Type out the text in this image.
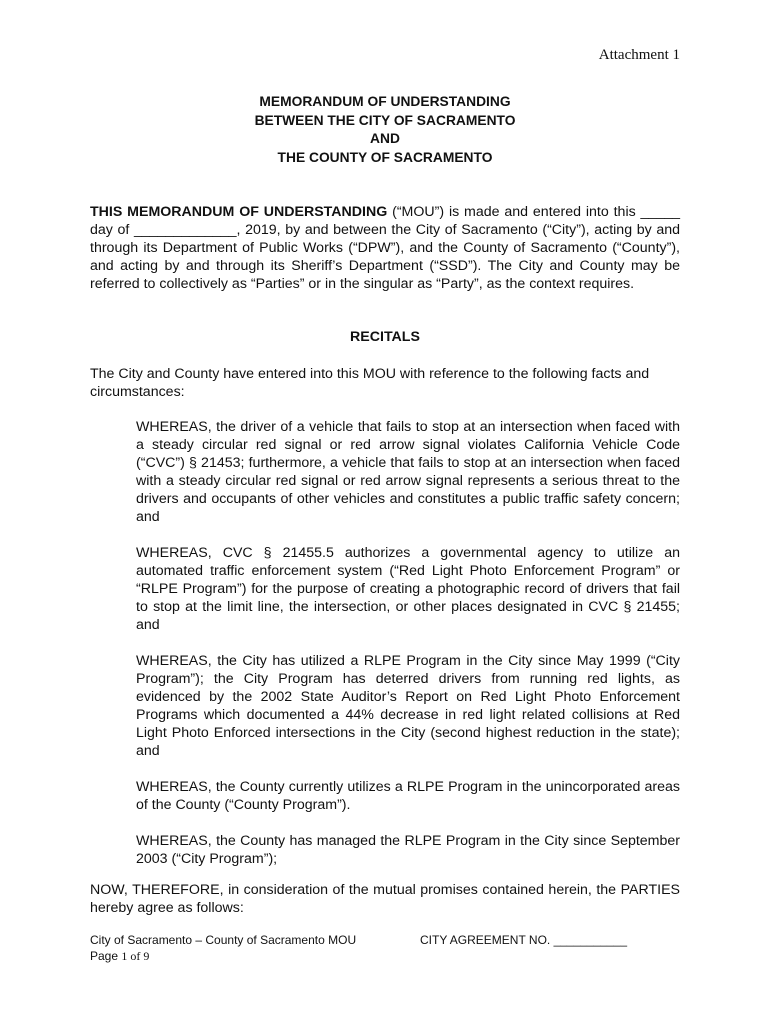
Attachment 1
MEMORANDUM OF UNDERSTANDING
BETWEEN THE CITY OF SACRAMENTO
AND
THE COUNTY OF SACRAMENTO
THIS MEMORANDUM OF UNDERSTANDING (“MOU”) is made and entered into this _____ day of _____________, 2019, by and between the City of Sacramento (“City”), acting by and through its Department of Public Works (“DPW”), and the County of Sacramento (“County”), and acting by and through its Sheriff’s Department (“SSD”). The City and County may be referred to collectively as “Parties” or in the singular as “Party”, as the context requires.
RECITALS
The City and County have entered into this MOU with reference to the following facts and circumstances:

WHEREAS, the driver of a vehicle that fails to stop at an intersection when faced with a steady circular red signal or red arrow signal violates California Vehicle Code (“CVC”) § 21453; furthermore, a vehicle that fails to stop at an intersection when faced with a steady circular red signal or red arrow signal represents a serious threat to the drivers and occupants of other vehicles and constitutes a public traffic safety concern; and

WHEREAS, CVC § 21455.5 authorizes a governmental agency to utilize an automated traffic enforcement system (“Red Light Photo Enforcement Program” or “RLPE Program”) for the purpose of creating a photographic record of drivers that fail to stop at the limit line, the intersection, or other places designated in CVC § 21455; and

WHEREAS, the City has utilized a RLPE Program in the City since May 1999 (“City Program”); the City Program has deterred drivers from running red lights, as evidenced by the 2002 State Auditor’s Report on Red Light Photo Enforcement Programs which documented a 44% decrease in red light related collisions at Red Light Photo Enforced intersections in the City (second highest reduction in the state); and

WHEREAS, the County currently utilizes a RLPE Program in the unincorporated areas of the County (“County Program”).

WHEREAS, the County has managed the RLPE Program in the City since September 2003 (“City Program”);

NOW, THEREFORE, in consideration of the mutual promises contained herein, the PARTIES hereby agree as follows:
City of Sacramento – County of Sacramento MOU
Page 1 of 9
CITY AGREEMENT NO. ___________
